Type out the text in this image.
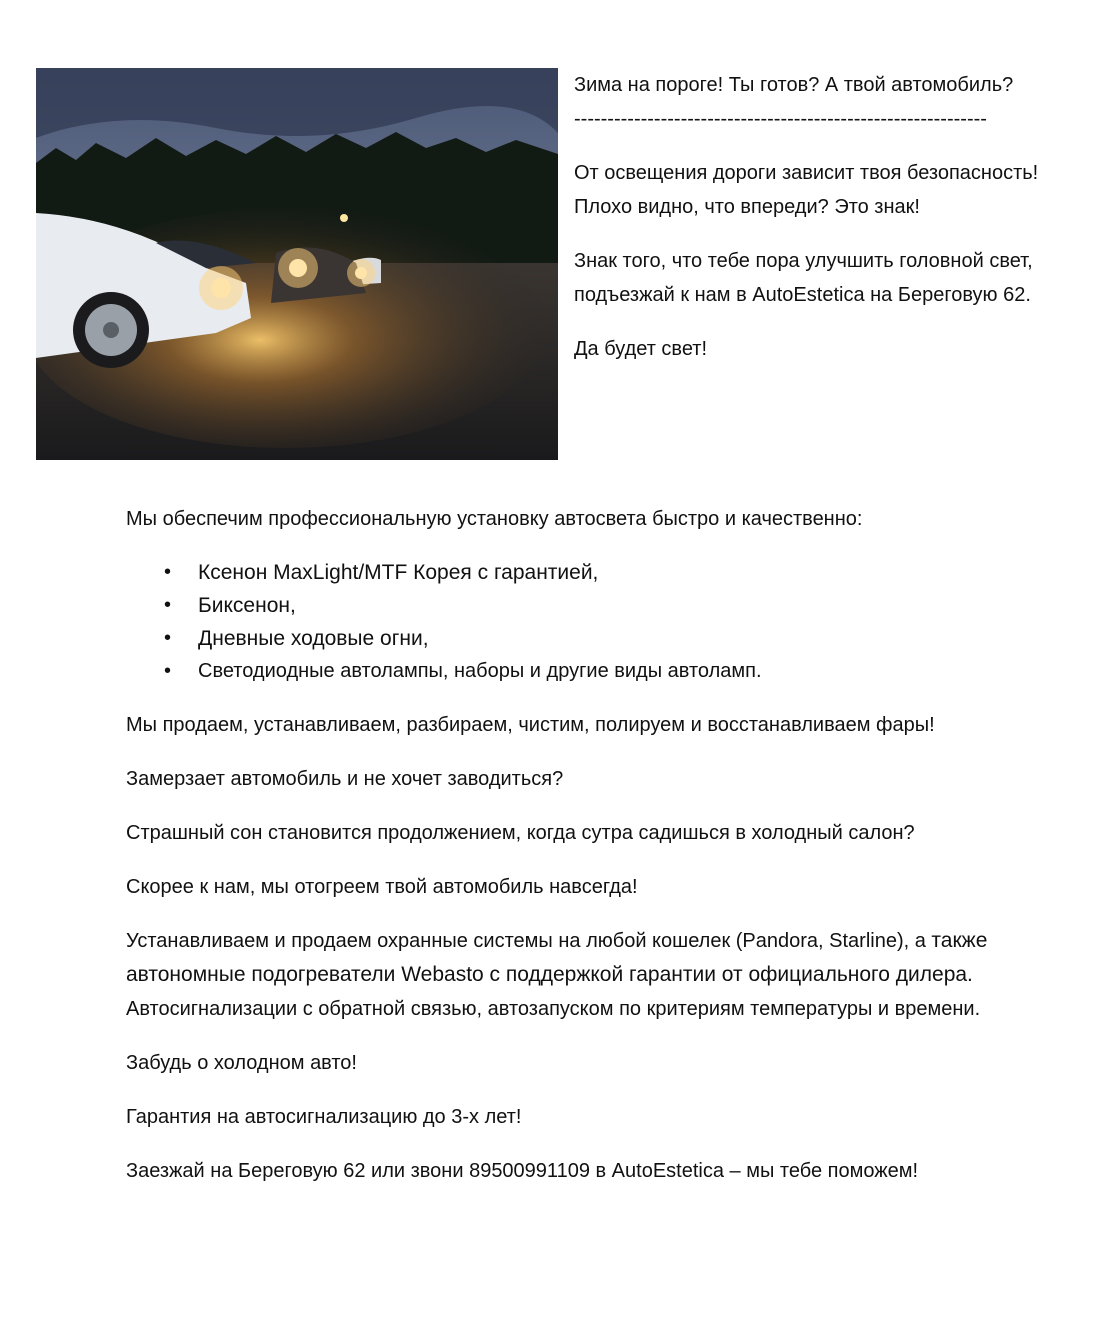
Зима на пороге! Ты готов? А твой автомобиль?

--------------------------------------------------------------

От освещения дороги зависит твоя безопасность! Плохо видно, что впереди? Это знак!

Знак того, что тебе пора улучшить головной свет, подъезжай к нам в AutoEstetica на Береговую 62.

Да будет свет!

Мы обеспечим профессиональную установку автосвета быстро и качественно:

• Ксенон MaxLight/MTF Корея с гарантией,
• Биксенон,
• Дневные ходовые огни,
• Светодиодные автолампы, наборы и другие виды автоламп.

Мы продаем, устанавливаем, разбираем, чистим, полируем и восстанавливаем фары!

Замерзает автомобиль и не хочет заводиться?

Страшный сон становится продолжением, когда сутра садишься в холодный салон?

Скорее к нам, мы отогреем твой автомобиль навсегда!

Устанавливаем и продаем охранные системы на любой кошелек (Pandora, Starline), а также автономные подогреватели Webasto с поддержкой гарантии от официального дилера. Автосигнализации с обратной связью, автозапуском по критериям температуры и времени.

Забудь о холодном авто!

Гарантия на автосигнализацию до 3-х лет!

Заезжай на Береговую 62 или звони 89500991109 в AutoEstetica – мы тебе поможем!
